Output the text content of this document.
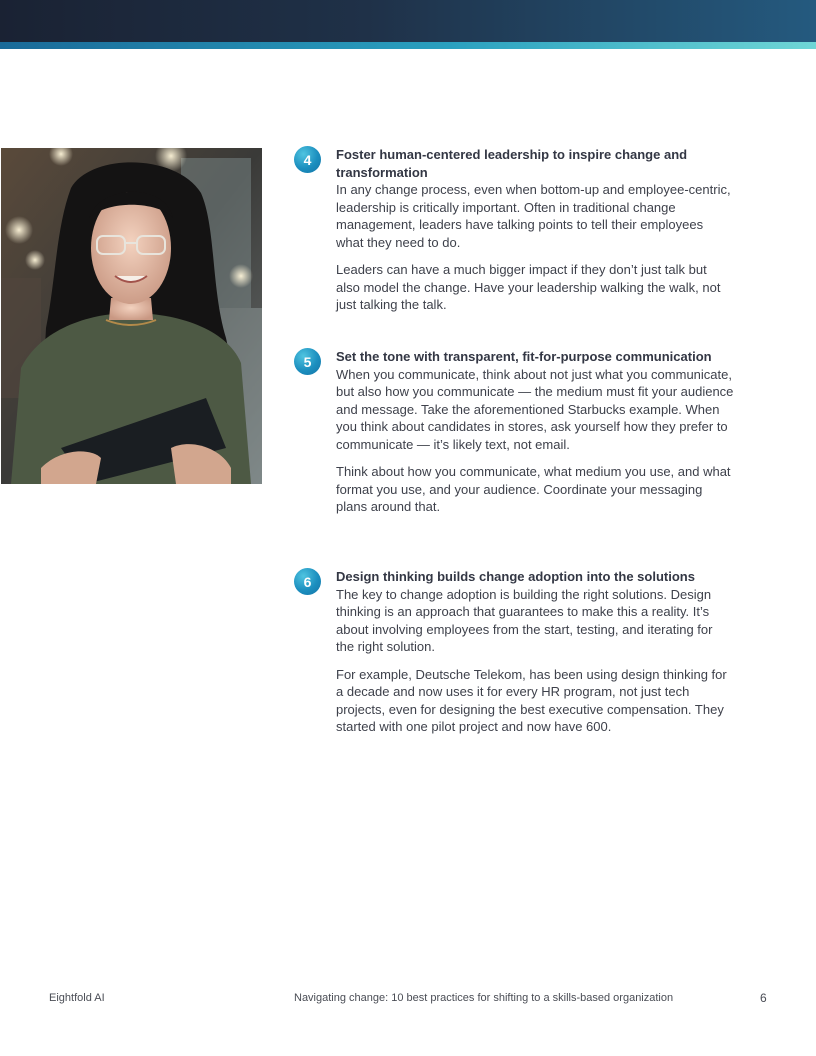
4	Foster human-centered leadership to inspire change and transformation

In any change process, even when bottom-up and employee-centric, leadership is critically important. Often in traditional change management, leaders have talking points to tell their employees what they need to do.

Leaders can have a much bigger impact if they don’t just talk but also model the change. Have your leadership walking the walk, not just talking the talk.

5	Set the tone with transparent, fit-for-purpose communication

When you communicate, think about not just what you communicate, but also how you communicate — the medium must fit your audience and message. Take the aforementioned Starbucks example. When you think about candidates in stores, ask yourself how they prefer to communicate — it’s likely text, not email.

Think about how you communicate, what medium you use, and what format you use, and your audience. Coordinate your messaging plans around that.

6	Design thinking builds change adoption into the solutions

The key to change adoption is building the right solutions. Design thinking is an approach that guarantees to make this a reality. It’s about involving employees from the start, testing, and iterating for the right solution.

For example, Deutsche Telekom, has been using design thinking for a decade and now uses it for every HR program, not just tech projects, even for designing the best executive compensation. They started with one pilot project and now have 600.

Eightfold AI	Navigating change: 10 best practices for shifting to a skills-based organization	6
